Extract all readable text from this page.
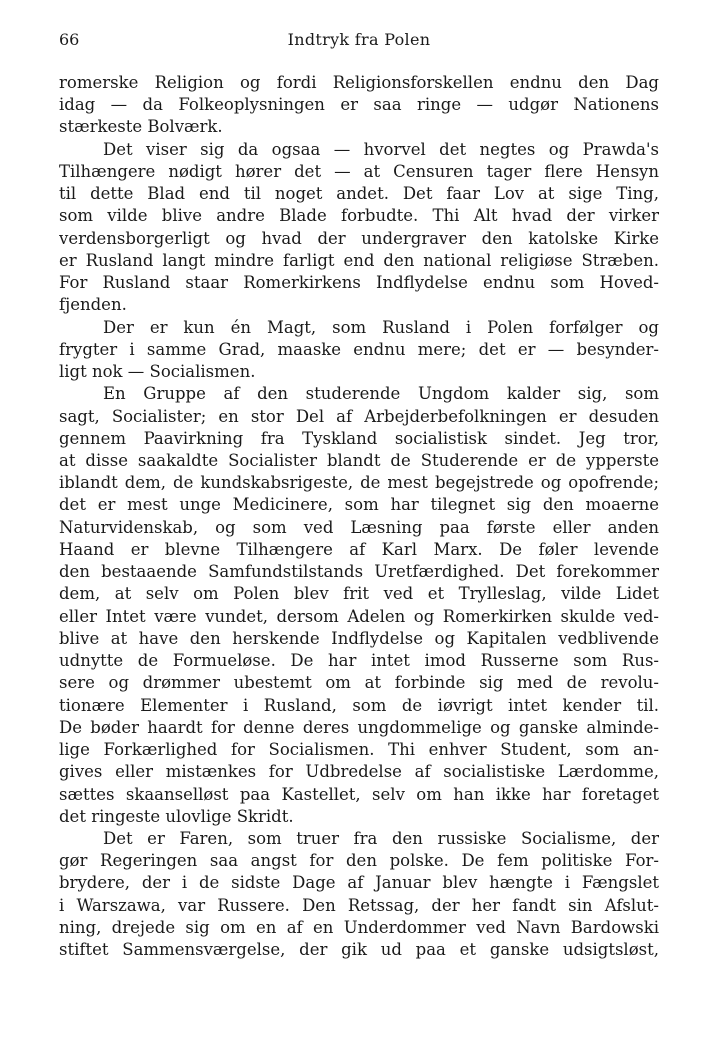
66	Indtryk fra Polen
romerske Religion og fordi Religionsforskellen endnu den Dag
idag — da Folkeoplysningen er saa ringe — udgør Nationens
stærkeste Bolværk.
Det viser sig da ogsaa — hvorvel det negtes og Prawda's
Tilhængere nødigt hører det — at Censuren tager flere Hensyn
til dette Blad end til noget andet. Det faar Lov at sige Ting,
som vilde blive andre Blade forbudte. Thi Alt hvad der virker
verdensborgerligt og hvad der undergraver den katolske Kirke
er Rusland langt mindre farligt end den national religiøse Stræben.
For Rusland staar Romerkirkens Indflydelse endnu som Hoved-
fjenden.
Der er kun én Magt, som Rusland i Polen forfølger og
frygter i samme Grad, maaske endnu mere; det er — besynder-
ligt nok — Socialismen.
En Gruppe af den studerende Ungdom kalder sig, som
sagt, Socialister; en stor Del af Arbejderbefolkningen er desuden
gennem Paavirkning fra Tyskland socialistisk sindet. Jeg tror,
at disse saakaldte Socialister blandt de Studerende er de ypperste
iblandt dem, de kundskabsrigeste, de mest begejstrede og opofrende;
det er mest unge Medicinere, som har tilegnet sig den moaerne
Naturvidenskab, og som ved Læsning paa første eller anden
Haand er blevne Tilhængere af Karl Marx. De føler levende
den bestaaende Samfundstilstands Uretfærdighed. Det forekommer
dem, at selv om Polen blev frit ved et Trylleslag, vilde Lidet
eller Intet være vundet, dersom Adelen og Romerkirken skulde ved-
blive at have den herskende Indflydelse og Kapitalen vedblivende
udnytte de Formueløse. De har intet imod Russerne som Rus-
sere og drømmer ubestemt om at forbinde sig med de revolu-
tionære Elementer i Rusland, som de iøvrigt intet kender til.
De bøder haardt for denne deres ungdommelige og ganske alminde-
lige Forkærlighed for Socialismen. Thi enhver Student, som an-
gives eller mistænkes for Udbredelse af socialistiske Lærdomme,
sættes skaanselløst paa Kastellet, selv om han ikke har foretaget
det ringeste ulovlige Skridt.
Det er Faren, som truer fra den russiske Socialisme, der
gør Regeringen saa angst for den polske. De fem politiske For-
brydere, der i de sidste Dage af Januar blev hængte i Fængslet
i Warszawa, var Russere. Den Retssag, der her fandt sin Afslut-
ning, drejede sig om en af en Underdommer ved Navn Bardowski
stiftet Sammensværgelse, der gik ud paa et ganske udsigtsløst,
